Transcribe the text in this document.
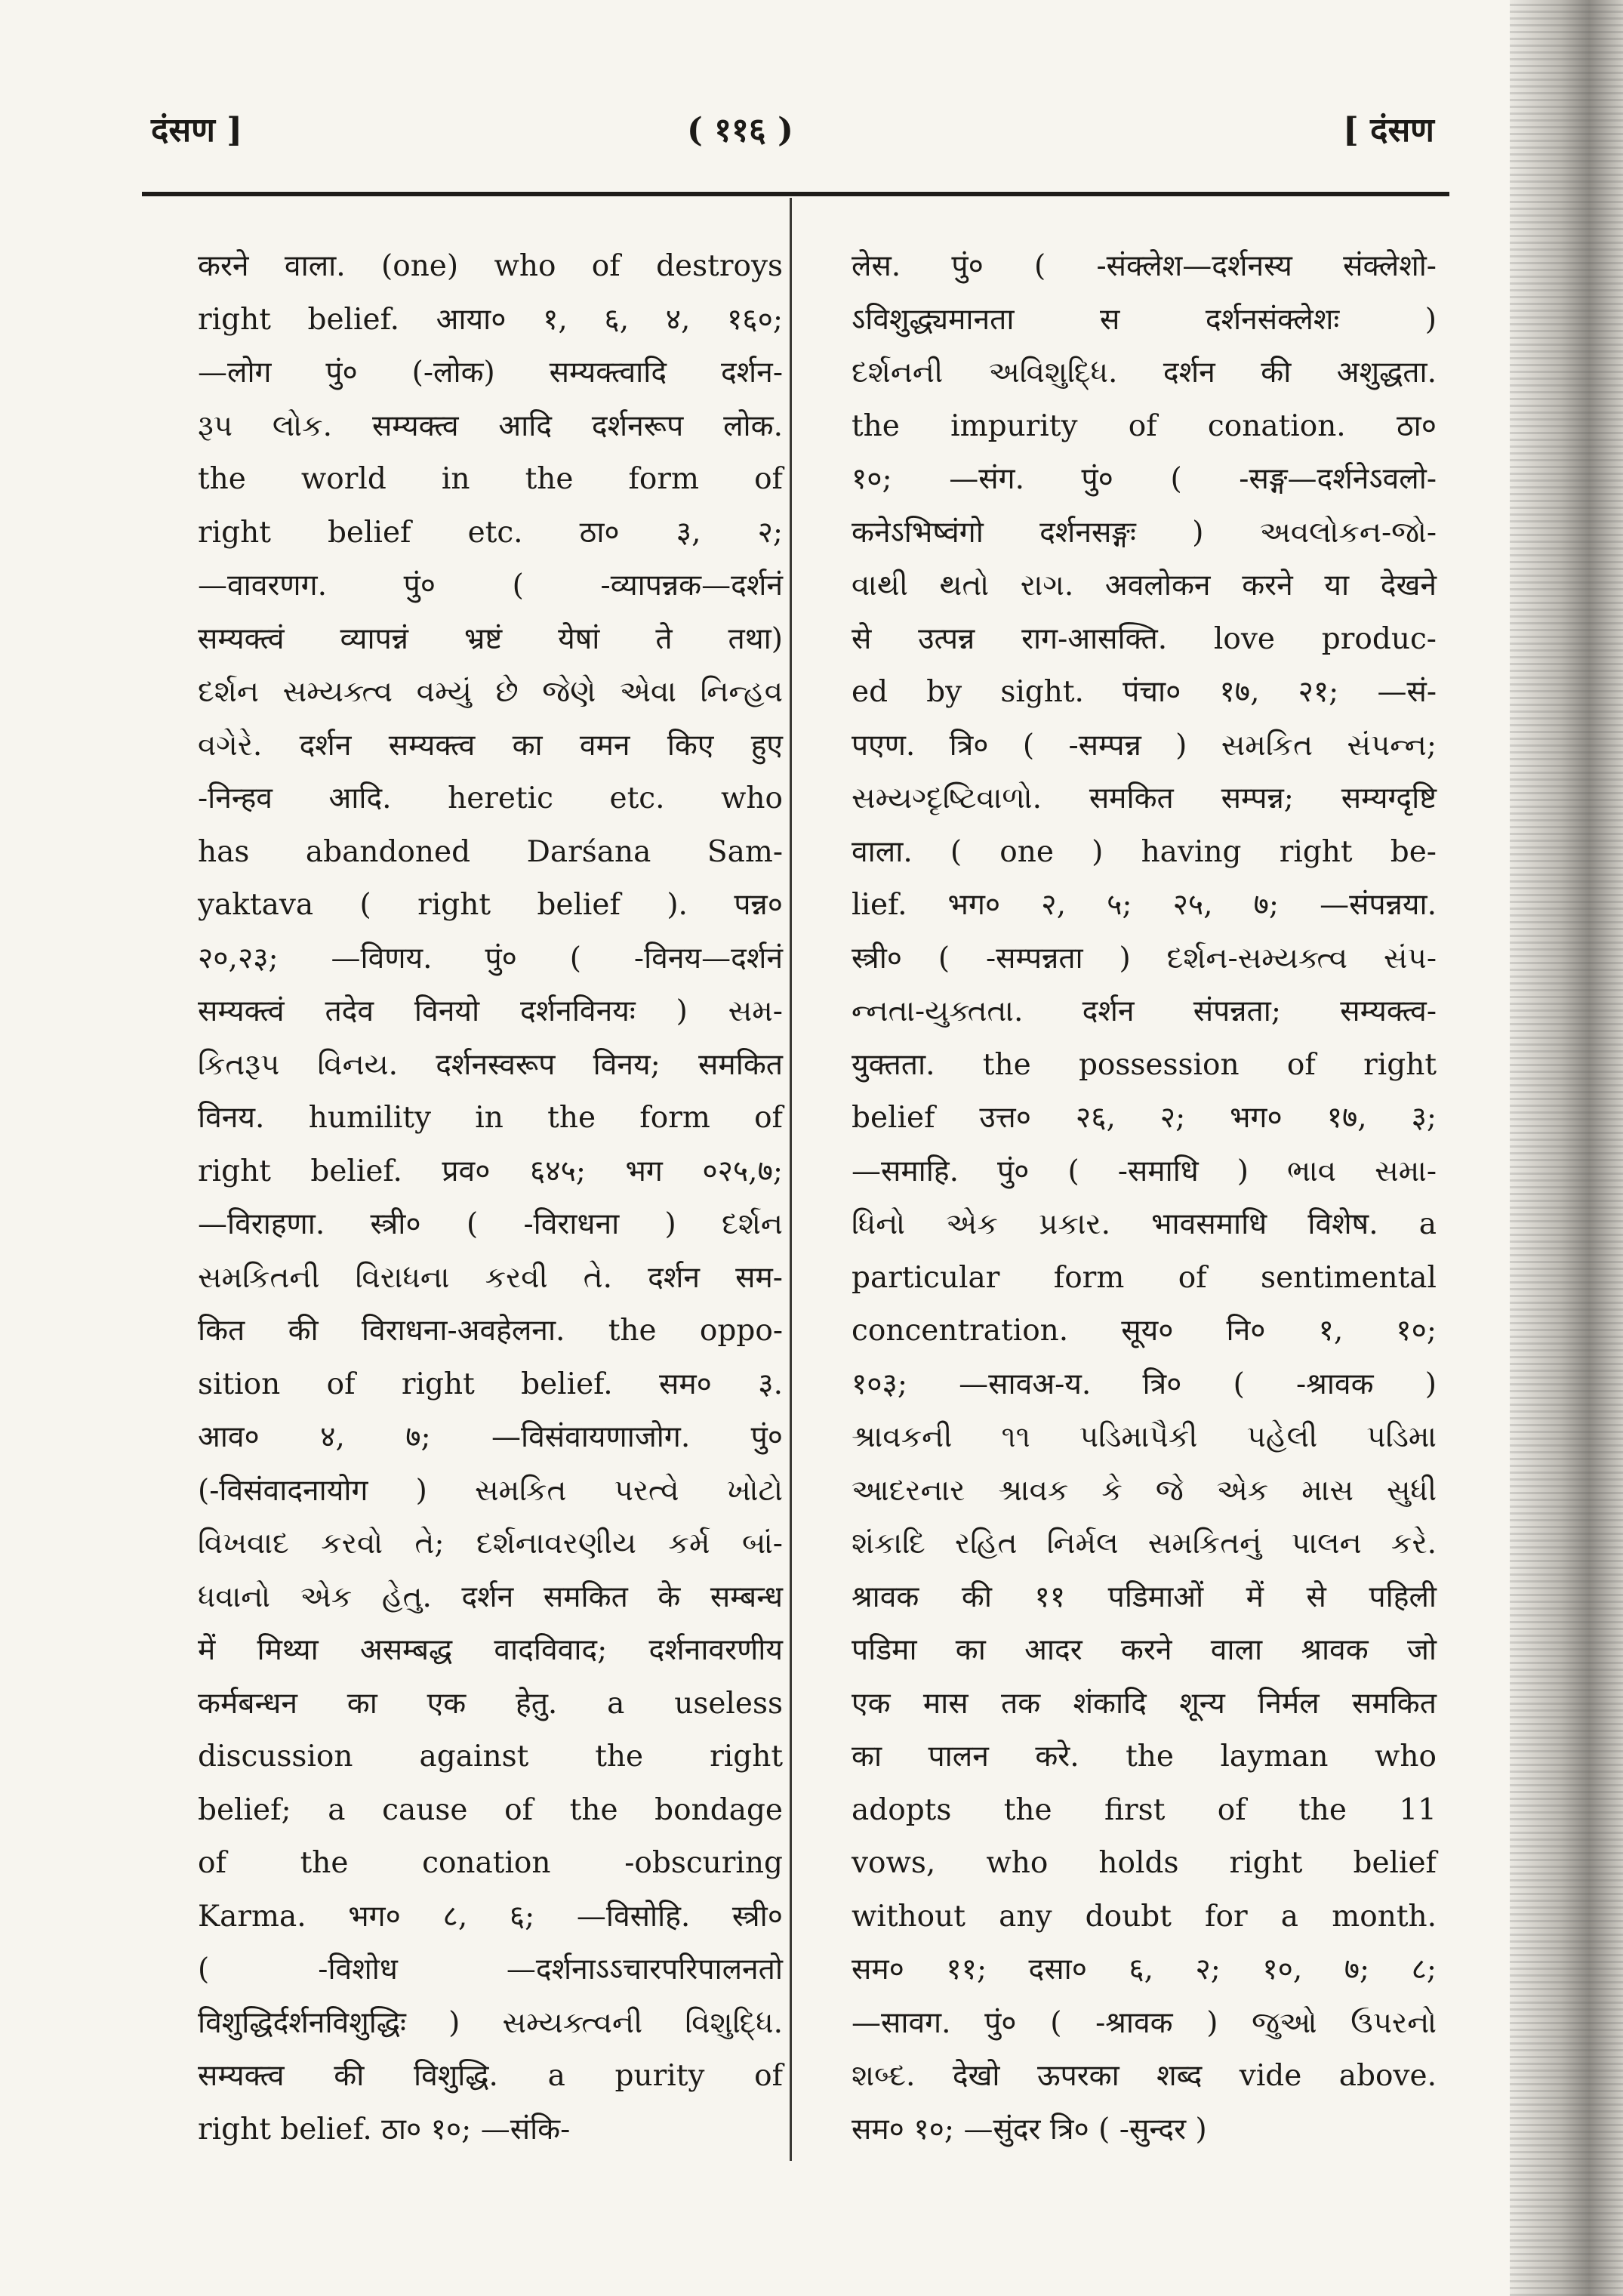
दंसण ]	( ११६ )	[ दंसण

करने वाला. (one) who of destroys

right belief. आया० १, ६, ४, १६०;

—लोग पुं० (-लोक) सम्यक्त्वादि दर्शन-

રૂપ લોક. सम्यक्त्व आदि दर्शनरूप लोक.

the world in the form of

right belief etc. ठा० ३, २;

—वावरणग. पुं० ( -व्यापन्नक—दर्शनं

सम्यक्त्वं व्यापन्नं भ्रष्टं येषां ते तथा)

દર્શન સમ્યક્ત્વ વમ્યું છે જેણે એવા નિન્હવ

વગેરે. दर्शन सम्यक्त्व का वमन किए हुए

-निन्हव आदि. heretic etc. who

has abandoned Darśana Sam-

yaktava ( right belief ). पन्न०

२०,२३; —विणय. पुं० ( -विनय—दर्शनं

सम्यक्त्वं तदेव विनयो दर्शनविनयः ) સમ-

કિતરૂપ વિનય. दर्शनस्वरूप विनय; समकित

विनय. humility in the form of

right belief. प्रव० ६४५; भग ०२५,७;

—विराहणा. स्त्री० ( -विराधना ) દર્શન

સમકિતની વિરાધના કરવી તે. दर्शन सम-

कित की विराधना-अवहेलना. the oppo-

sition of right belief. सम० ३.

आव० ४, ७; —विसंवायणाजोग. पुं०

(-विसंवादनायोग ) સમકિત પરત્વે ખોટો

વિખવાદ કરવો તે; દર્શનાવરણીય કર્મ બાં-

ધવાનો એક હેતુ. दर्शन समकित के सम्बन्ध

में मिथ्या असम्बद्ध वादविवाद; दर्शनावरणीय

कर्मबन्धन का एक हेतु. a useless

discussion against the right

belief; a cause of the bondage

of the conation -obscuring

Karma. भग० ८, ६; —विसोहि. स्त्री०

( -विशोध —दर्शनाऽऽचारपरिपालनतो

विशुद्धिर्दर्शनविशुद्धिः ) સમ્યક્ત્વની વિશુદ્ધિ.

सम्यक्त्व की विशुद्धि. a purity of

right belief. ठा० १०; —संकि-

लेस. पुं० ( -संक्लेश—दर्शनस्य संक्लेशो-

ऽविशुद्ध्यमानता स दर्शनसंक्लेशः )

દર્શનની અવિશુદ્ધિ. दर्शन की अशुद्धता.

the impurity of conation. ठा०

१०; —संग. पुं० ( -सङ्ग—दर्शनेऽवलो-

कनेऽभिष्वंगो दर्शनसङ्गः ) અવલોકન-જો-

વાથી થતો રાગ. अवलोकन करने या देखने

से उत्पन्न राग-आसक्ति. love produc-

ed by sight. पंचा० १७, २१; —सं-

पएण. त्रि० ( -सम्पन्न ) સમકિત સંપન્ન;

સમ્યગ્દૃષ્ટિવાળો. समकित सम्पन्न; सम्यग्दृष्टि

वाला. ( one ) having right be-

lief. भग० २, ५; २५, ७; —संपन्नया.

स्त्री० ( -सम्पन्नता ) દર્શન-સમ્યક્ત્વ સંપ-

ન્નતા-યુક્તતા. दर्शन संपन्नता; सम्यक्त्व-

युक्तता. the possession of right

belief उत्त० २६, २; भग० १७, ३;

—समाहि. पुं० ( -समाधि ) ભાવ સમા-

ધિનો એક પ્રકાર. भावसमाधि विशेष. a

particular form of sentimental

concentration. सूय० नि० १, १०;

१०३; —सावअ-य. त्रि० ( -श्रावक )

શ્રાવકની ૧૧ પડિમાપૈકી પહેલી પડિમા

આદરનાર શ્રાવક કે જે એક માસ સુધી

શંકાદિ રહિત નિર્મલ સમકિતનું પાલન કરે.

श्रावक की ११ पडिमाओं में से पहिली

पडिमा का आदर करने वाला श्रावक जो

एक मास तक शंकादि शून्य निर्मल समकित

का पालन करे. the layman who

adopts the first of the 11

vows, who holds right belief

without any doubt for a month.

सम० ११; दसा० ६, २; १०, ७; ८;

—सावग. पुं० ( -श्रावक ) જુઓ ઉપરનો

શબ્દ. देखो ऊपरका शब्द vide above.

सम० १०; —सुंदर त्रि० ( -सुन्दर )
